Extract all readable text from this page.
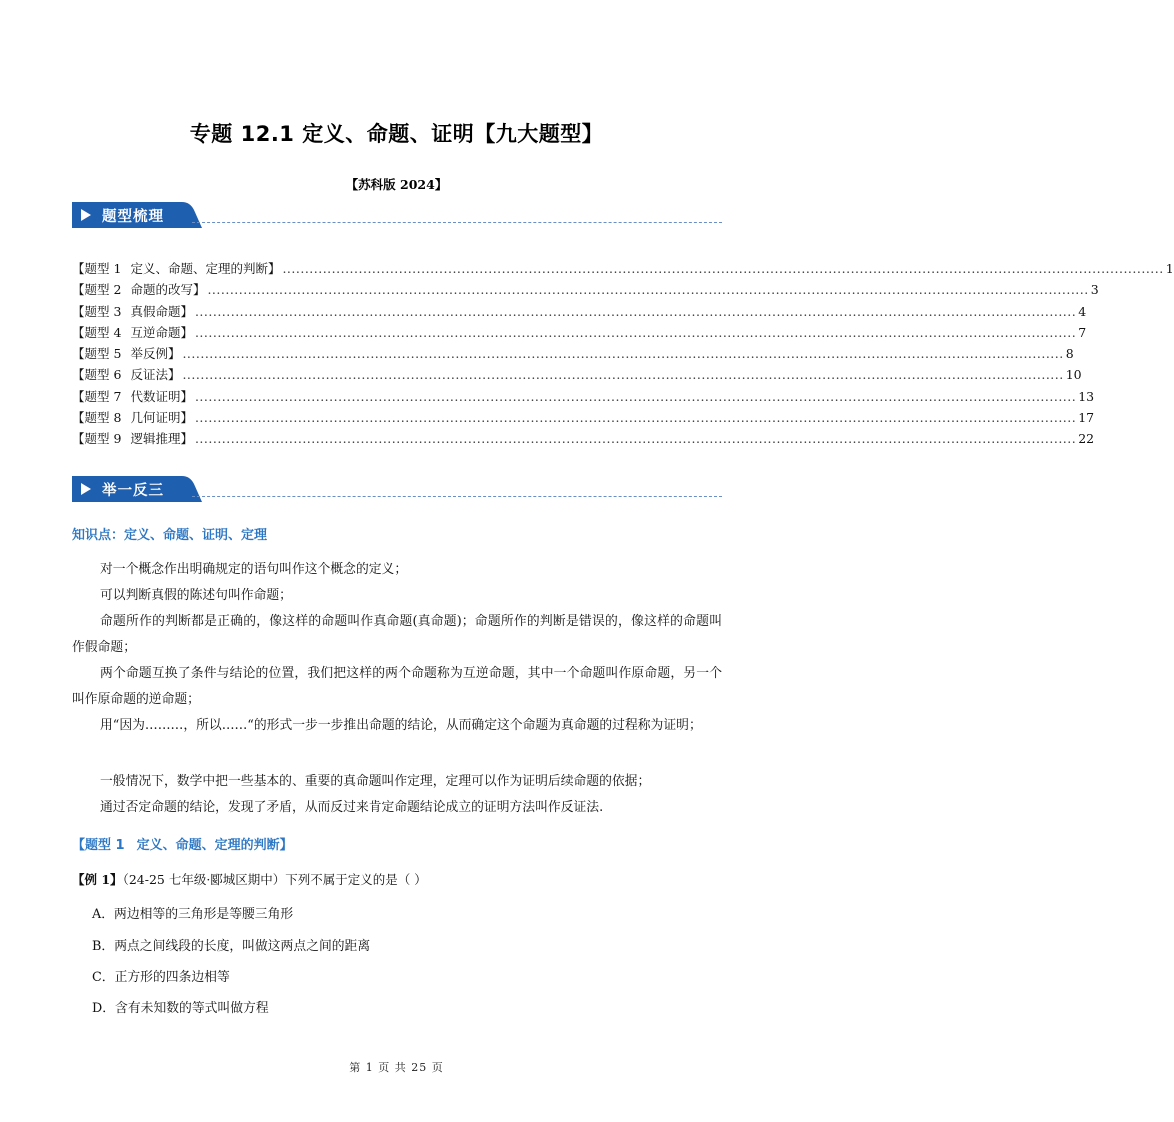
专题 12.1 定义、命题、证明【九大题型】
【苏科版 2024】
题型梳理
【题型 1 定义、命题、定理的判断】 ..................................................................................................................................................................................................... 1
【题型 2 命题的改写】 ..................................................................................................................................................................................................... 3
【题型 3 真假命题】 ..................................................................................................................................................................................................... 4
【题型 4 互逆命题】 ..................................................................................................................................................................................................... 7
【题型 5 举反例】 ..................................................................................................................................................................................................... 8
【题型 6 反证法】 ..................................................................................................................................................................................................... 10
【题型 7 代数证明】 ..................................................................................................................................................................................................... 13
【题型 8 几何证明】 ..................................................................................................................................................................................................... 17
【题型 9 逻辑推理】 ..................................................................................................................................................................................................... 22
举一反三
知识点：定义、命题、证明、定理
对一个概念作出明确规定的语句叫作这个概念的定义；
可以判断真假的陈述句叫作命题；
命题所作的判断都是正确的，像这样的命题叫作真命题(真命题)；命题所作的判断是错误的，像这样的命题叫作假命题；
两个命题互换了条件与结论的位置，我们把这样的两个命题称为互逆命题，其中一个命题叫作原命题，另一个叫作原命题的逆命题；
用“因为………，所以……“的形式一步一步推出命题的结论，从而确定这个命题为真命题的过程称为证明；
一般情况下，数学中把一些基本的、重要的真命题叫作定理，定理可以作为证明后续命题的依据；
通过否定命题的结论，发现了矛盾，从而反过来肯定命题结论成立的证明方法叫作反证法.
【题型 1 定义、命题、定理的判断】
【例 1】（24-25 七年级·郾城区期中）下列不属于定义的是（ ）
A．两边相等的三角形是等腰三角形
B．两点之间线段的长度，叫做这两点之间的距离
C．正方形的四条边相等
D．含有未知数的等式叫做方程
第 1 页 共 25 页
